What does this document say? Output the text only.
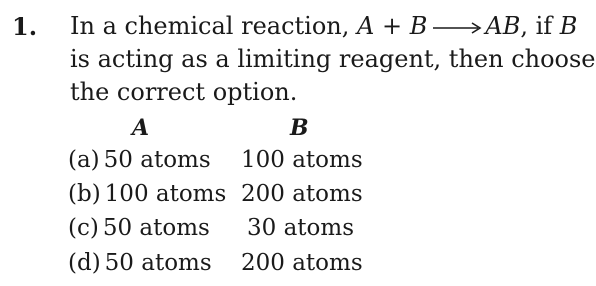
1. In a chemical reaction, A + B → AB, if B
is acting as a limiting reagent, then choose
the correct option.
A	B
(a) 50 atoms 100 atoms
(b) 100 atoms 200 atoms
(c) 50 atoms 30 atoms
(d) 50 atoms 200 atoms
